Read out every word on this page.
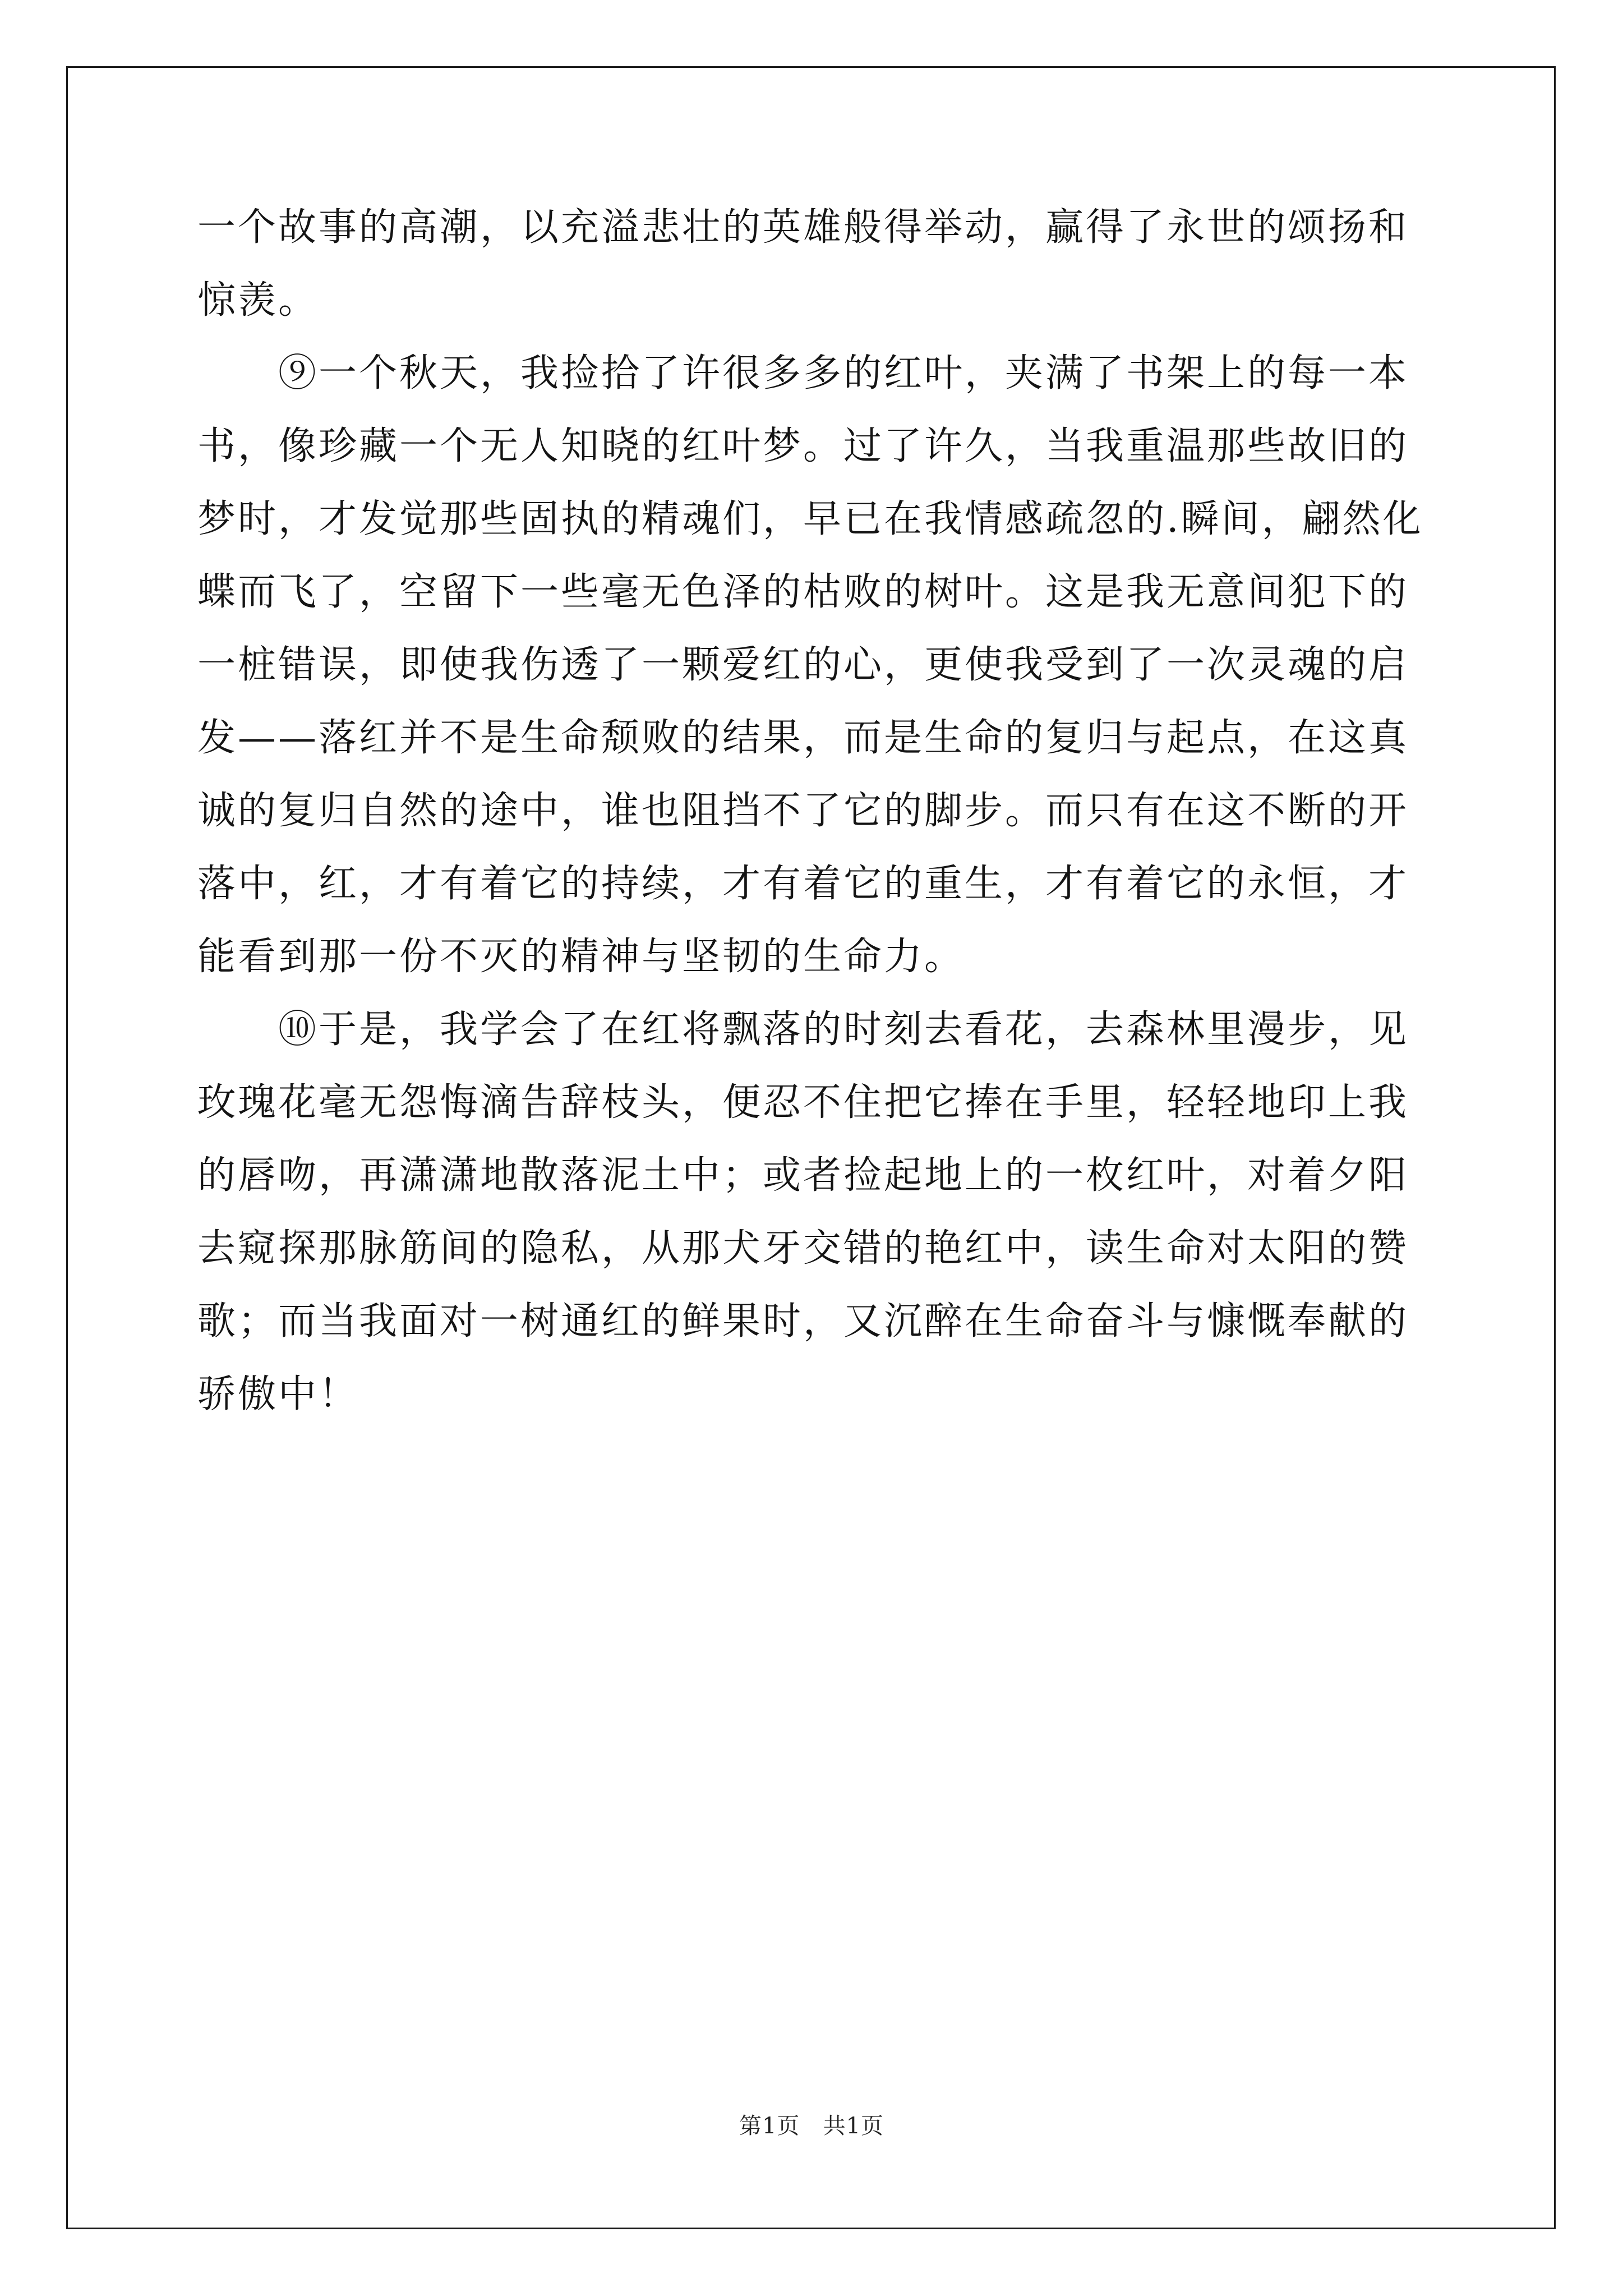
一个故事的高潮，以充溢悲壮的英雄般得举动，赢得了永世的颂扬和
惊羡。
　　⑨一个秋天，我捡拾了许很多多的红叶，夹满了书架上的每一本
书，像珍藏一个无人知晓的红叶梦。过了许久，当我重温那些故旧的
梦时，才发觉那些固执的精魂们，早已在我情感疏忽的.瞬间，翩然化
蝶而飞了，空留下一些毫无色泽的枯败的树叶。这是我无意间犯下的
一桩错误，即使我伤透了一颗爱红的心，更使我受到了一次灵魂的启
发——落红并不是生命颓败的结果，而是生命的复归与起点，在这真
诚的复归自然的途中，谁也阻挡不了它的脚步。而只有在这不断的开
落中，红，才有着它的持续，才有着它的重生，才有着它的永恒，才
能看到那一份不灭的精神与坚韧的生命力。
　　⑩于是，我学会了在红将飘落的时刻去看花，去森林里漫步，见
玫瑰花毫无怨悔滴告辞枝头，便忍不住把它捧在手里，轻轻地印上我
的唇吻，再潇潇地散落泥土中；或者捡起地上的一枚红叶，对着夕阳
去窥探那脉筋间的隐私，从那犬牙交错的艳红中，读生命对太阳的赞
歌；而当我面对一树通红的鲜果时，又沉醉在生命奋斗与慷慨奉献的
骄傲中！
第1页 共1页
